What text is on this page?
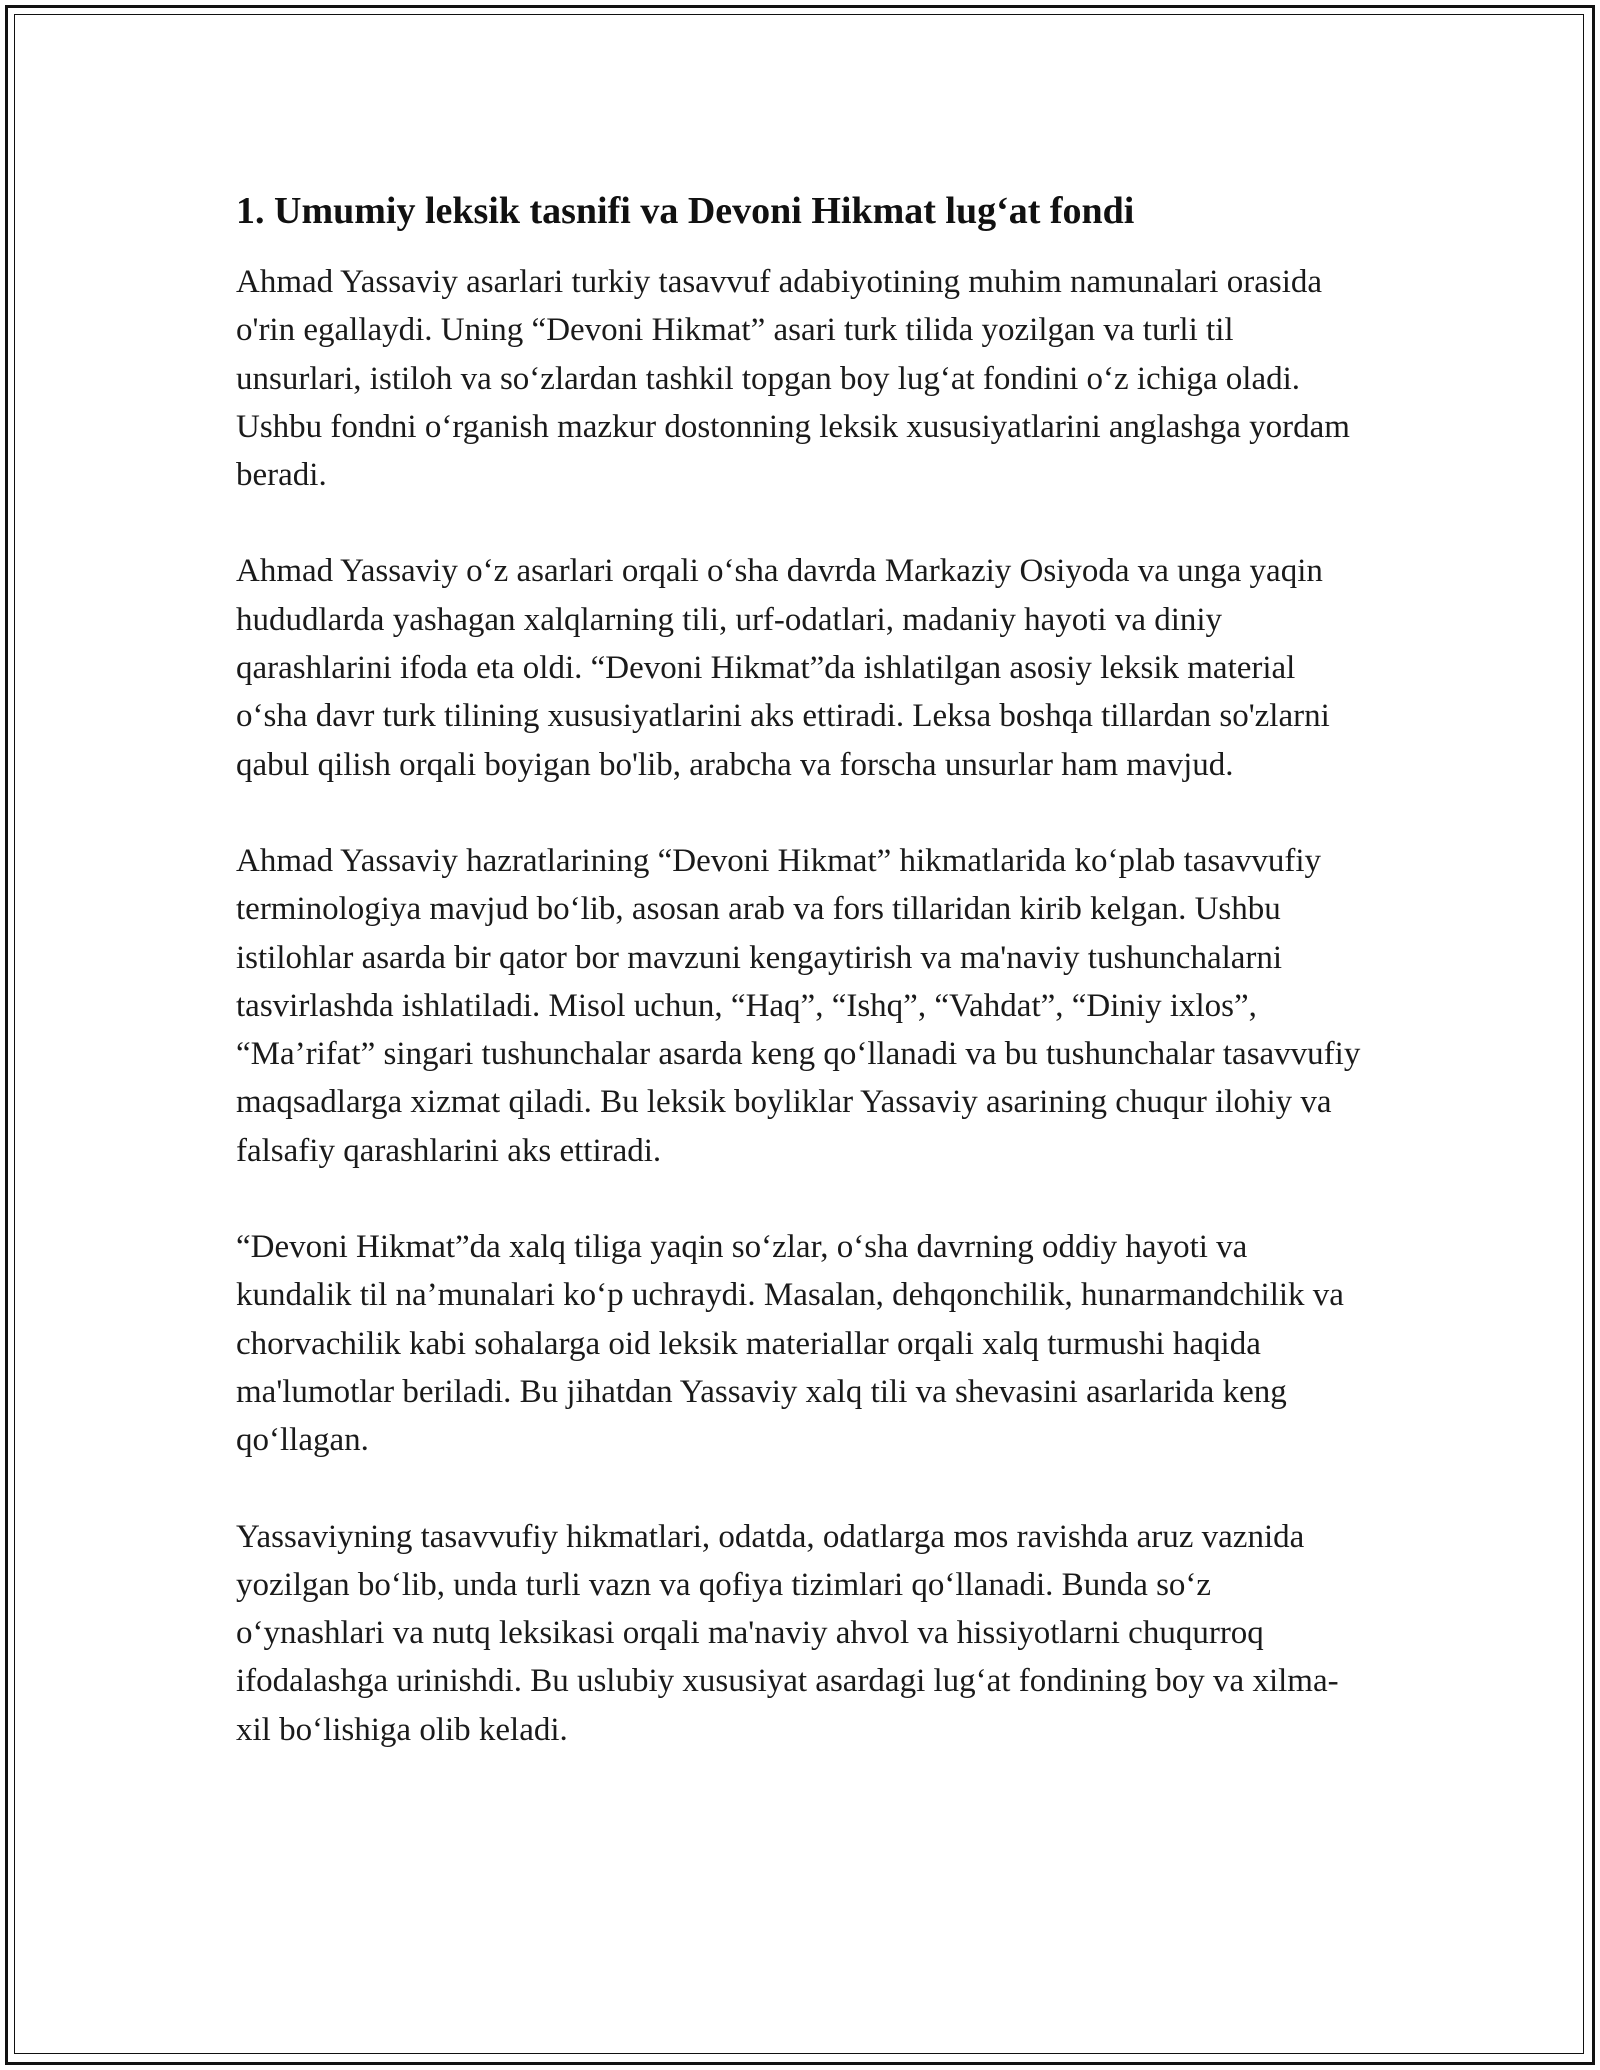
1. Umumiy leksik tasnifi va Devoni Hikmat lug‘at fondi

Ahmad Yassaviy asarlari turkiy tasavvuf adabiyotining muhim namunalari orasida o'rin egallaydi. Uning “Devoni Hikmat” asari turk tilida yozilgan va turli til unsurlari, istiloh va so‘zlardan tashkil topgan boy lug‘at fondini o‘z ichiga oladi. Ushbu fondni o‘rganish mazkur dostonning leksik xususiyatlarini anglashga yordam beradi.

Ahmad Yassaviy o‘z asarlari orqali o‘sha davrda Markaziy Osiyoda va unga yaqin hududlarda yashagan xalqlarning tili, urf-odatlari, madaniy hayoti va diniy qarashlarini ifoda eta oldi. “Devoni Hikmat”da ishlatilgan asosiy leksik material o‘sha davr turk tilining xususiyatlarini aks ettiradi. Leksa boshqa tillardan so'zlarni qabul qilish orqali boyigan bo'lib, arabcha va forscha unsurlar ham mavjud.

Ahmad Yassaviy hazratlarining “Devoni Hikmat” hikmatlarida ko‘plab tasavvufiy terminologiya mavjud bo‘lib, asosan arab va fors tillaridan kirib kelgan. Ushbu istilohlar asarda bir qator bor mavzuni kengaytirish va ma'naviy tushunchalarni tasvirlashda ishlatiladi. Misol uchun, “Haq”, “Ishq”, “Vahdat”, “Diniy ixlos”, “Ma’rifat” singari tushunchalar asarda keng qo‘llanadi va bu tushunchalar tasavvufiy maqsadlarga xizmat qiladi. Bu leksik boyliklar Yassaviy asarining chuqur ilohiy va falsafiy qarashlarini aks ettiradi.

“Devoni Hikmat”da xalq tiliga yaqin so‘zlar, o‘sha davrning oddiy hayoti va kundalik til na’munalari ko‘p uchraydi. Masalan, dehqonchilik, hunarmandchilik va chorvachilik kabi sohalarga oid leksik materiallar orqali xalq turmushi haqida ma'lumotlar beriladi. Bu jihatdan Yassaviy xalq tili va shevasini asarlarida keng qo‘llagan.

Yassaviyning tasavvufiy hikmatlari, odatda, odatlarga mos ravishda aruz vaznida yozilgan bo‘lib, unda turli vazn va qofiya tizimlari qo‘llanadi. Bunda so‘z o‘ynashlari va nutq leksikasi orqali ma'naviy ahvol va hissiyotlarni chuqurroq ifodalashga urinishdi. Bu uslubiy xususiyat asardagi lug‘at fondining boy va xilma-xil bo‘lishiga olib keladi.
